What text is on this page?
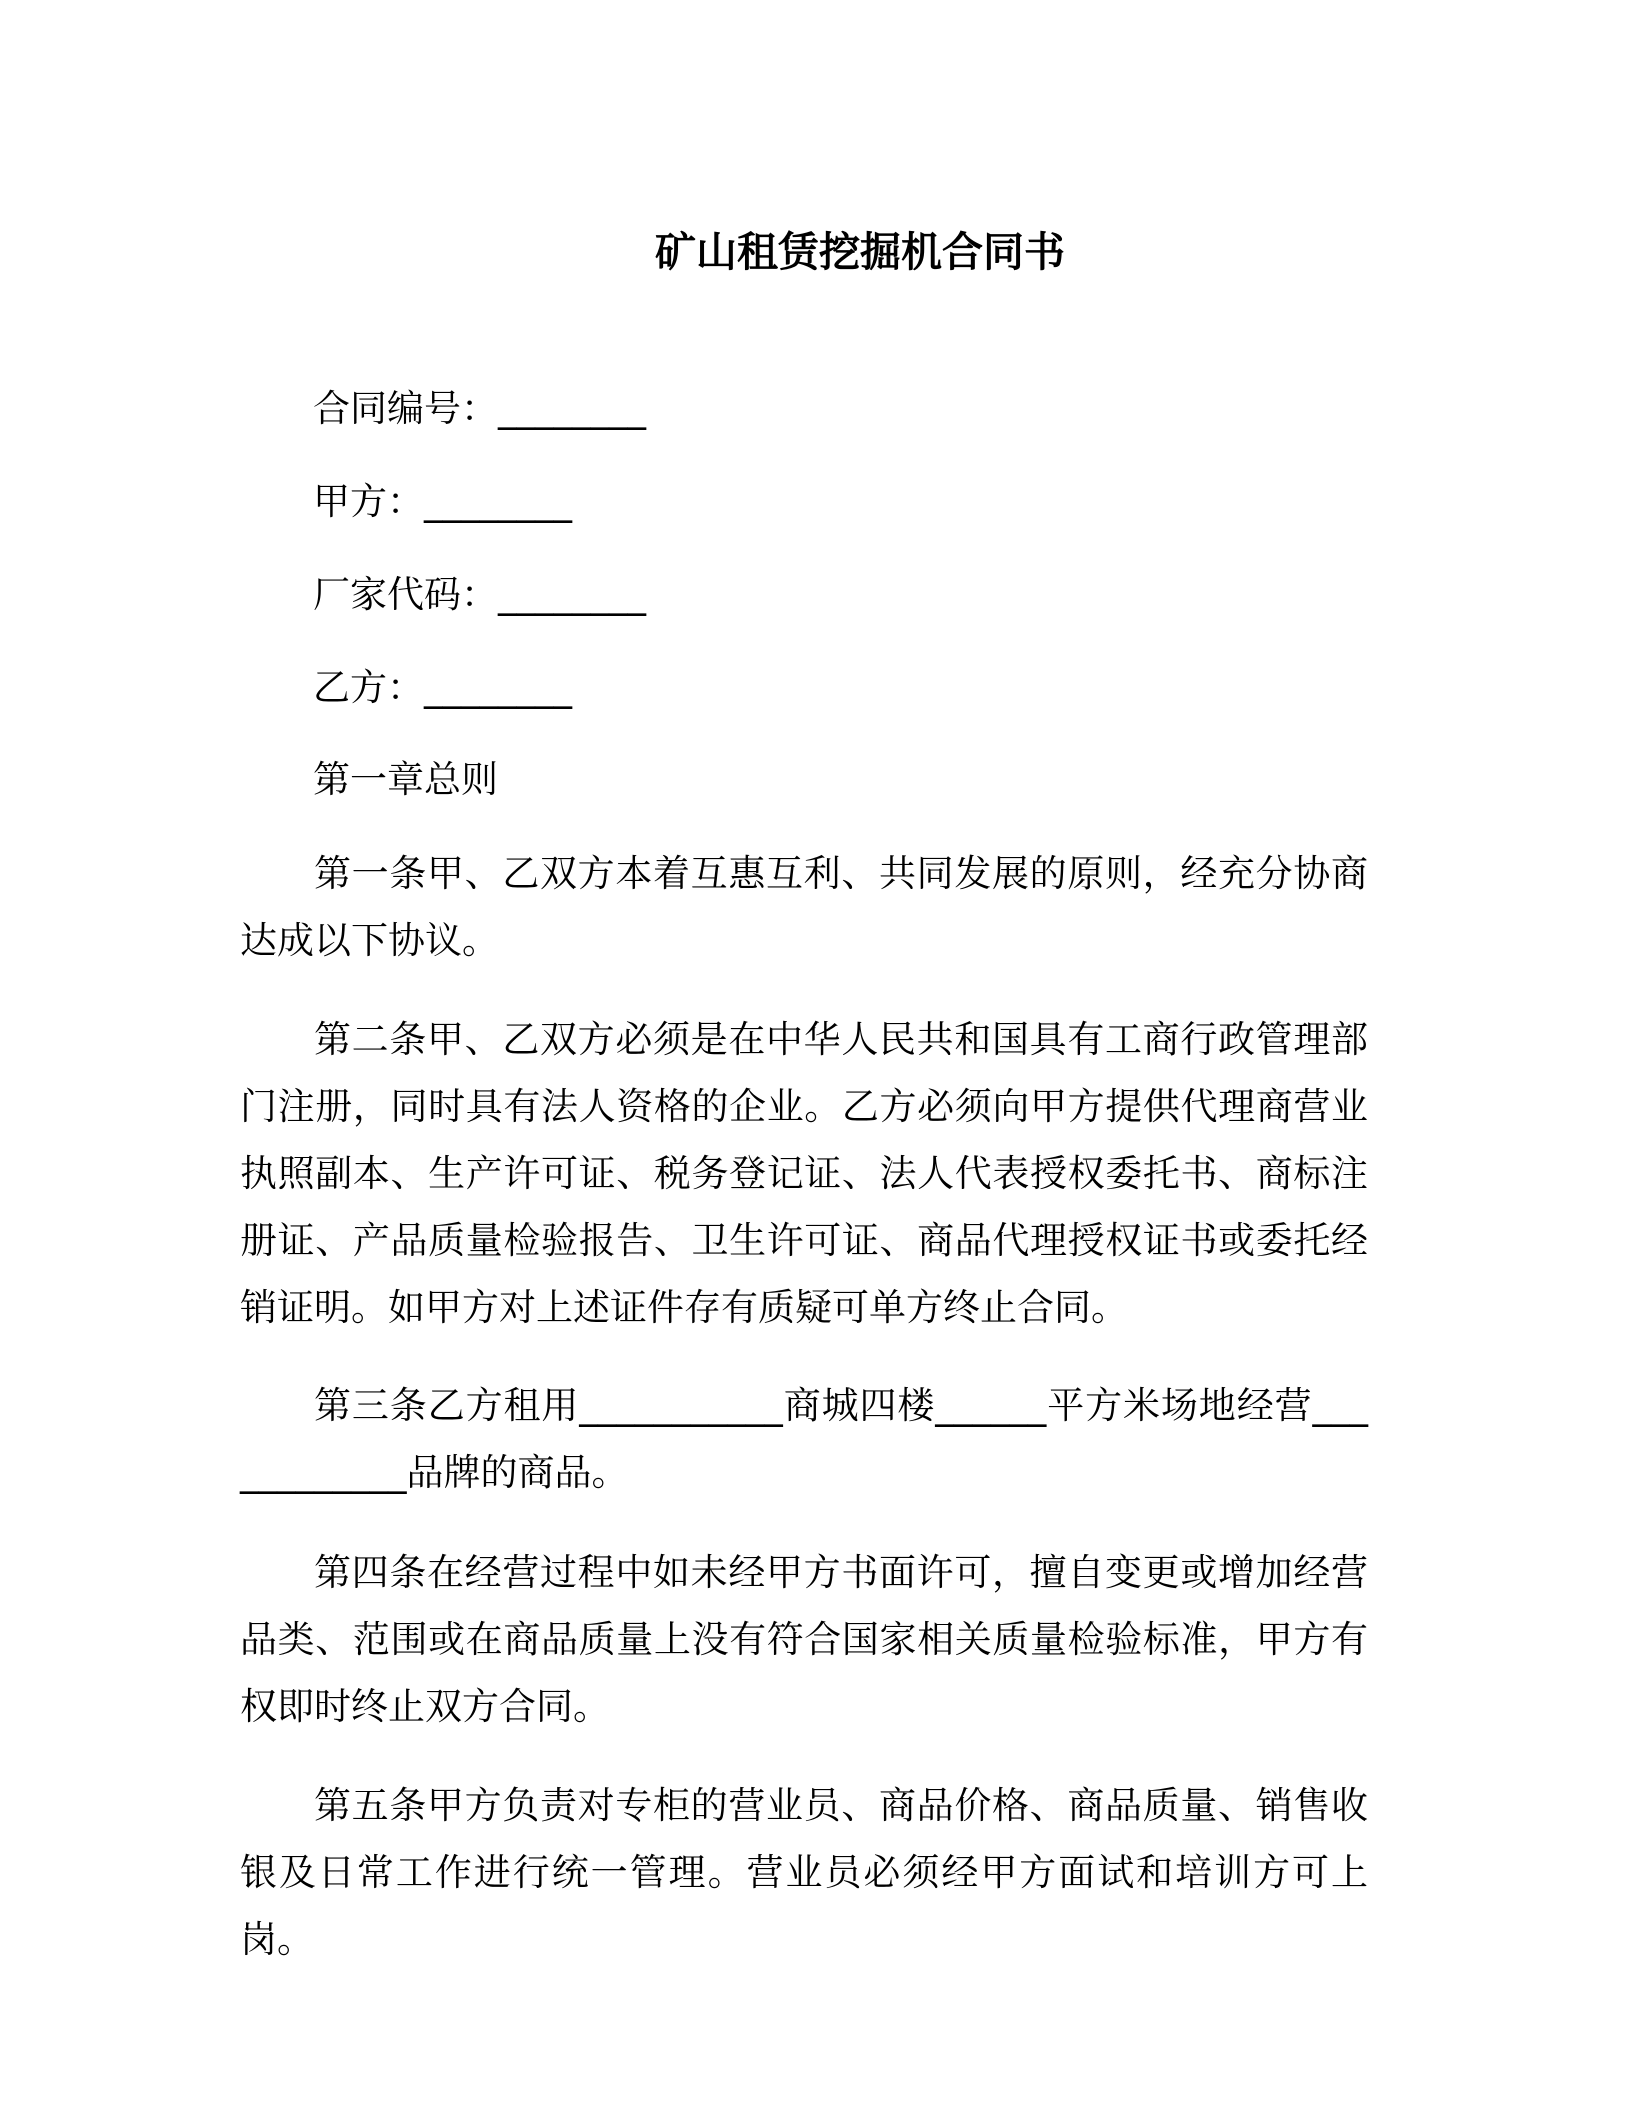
矿山租赁挖掘机合同书
合同编号：________
甲方：________
厂家代码：________
乙方：________
第一章总则
第一条甲、乙双方本着互惠互利、共同发展的原则，经充分协商达成以下协议。
第二条甲、乙双方必须是在中华人民共和国具有工商行政管理部门注册，同时具有法人资格的企业。乙方必须向甲方提供代理商营业执照副本、生产许可证、税务登记证、法人代表授权委托书、商标注册证、产品质量检验报告、卫生许可证、商品代理授权证书或委托经销证明。如甲方对上述证件存有质疑可单方终止合同。
第三条乙方租用___________商城四楼______平方米场地经营____________品牌的商品。
第四条在经营过程中如未经甲方书面许可，擅自变更或增加经营品类、范围或在商品质量上没有符合国家相关质量检验标准，甲方有权即时终止双方合同。
第五条甲方负责对专柜的营业员、商品价格、商品质量、销售收银及日常工作进行统一管理。营业员必须经甲方面试和培训方可上岗。
